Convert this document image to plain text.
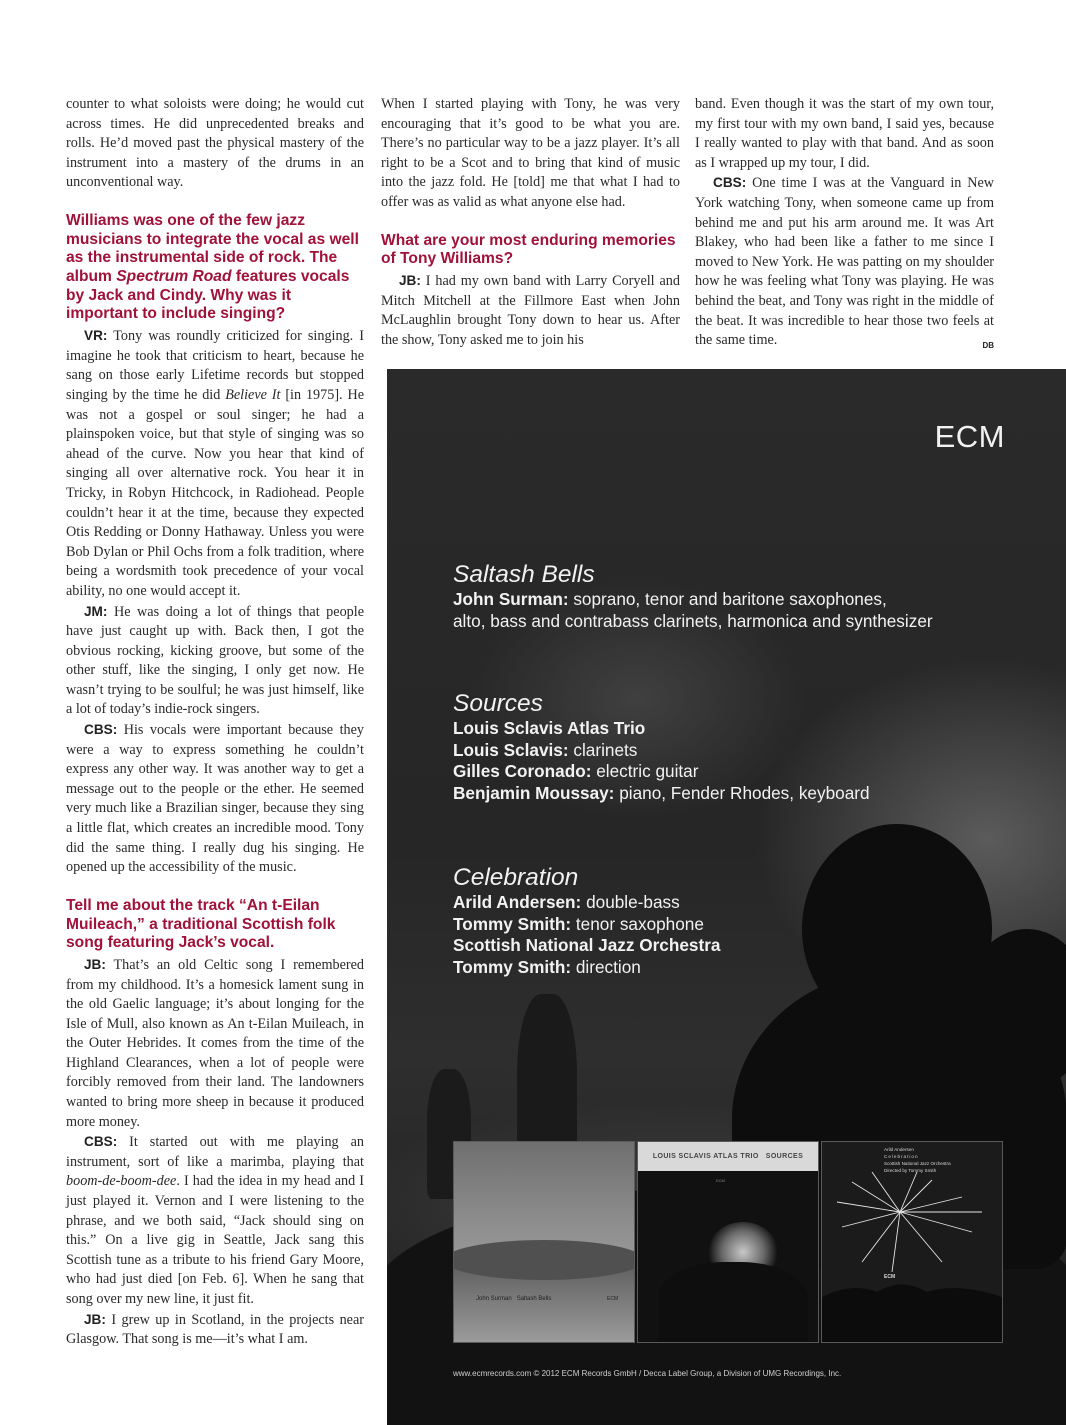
counter to what soloists were doing; he would cut across times. He did unprecedented breaks and rolls. He’d moved past the physical mastery of the instrument into a mastery of the drums in an unconventional way.

Williams was one of the few jazz musicians to integrate the vocal as well as the instrumental side of rock. The album Spectrum Road features vocals by Jack and Cindy. Why was it important to include singing?

VR: Tony was roundly criticized for singing. I imagine he took that criticism to heart, because he sang on those early Lifetime records but stopped singing by the time he did Believe It [in 1975]. He was not a gospel or soul singer; he had a plainspoken voice, but that style of singing was so ahead of the curve. Now you hear that kind of singing all over alternative rock. You hear it in Tricky, in Robyn Hitchcock, in Radiohead. People couldn’t hear it at the time, because they expected Otis Redding or Donny Hathaway. Unless you were Bob Dylan or Phil Ochs from a folk tradition, where being a wordsmith took precedence of your vocal ability, no one would accept it.

JM: He was doing a lot of things that people have just caught up with. Back then, I got the obvious rocking, kicking groove, but some of the other stuff, like the singing, I only get now. He wasn’t trying to be soulful; he was just himself, like a lot of today’s indie-rock singers.

CBS: His vocals were important because they were a way to express something he couldn’t express any other way. It was another way to get a message out to the people or the ether. He seemed very much like a Brazilian singer, because they sing a little flat, which creates an incredible mood. Tony did the same thing. I really dug his singing. He opened up the accessibility of the music.

Tell me about the track “An t-Eilan Muileach,” a traditional Scottish folk song featuring Jack’s vocal.

JB: That’s an old Celtic song I remembered from my childhood. It’s a homesick lament sung in the old Gaelic language; it’s about longing for the Isle of Mull, also known as An t-Eilan Muileach, in the Outer Hebrides. It comes from the time of the Highland Clearances, when a lot of people were forcibly removed from their land. The landowners wanted to bring more sheep in because it produced more money.

CBS: It started out with me playing an instrument, sort of like a marimba, playing that boom-de-boom-dee. I had the idea in my head and I just played it. Vernon and I were listening to the phrase, and we both said, “Jack should sing on this.” On a live gig in Seattle, Jack sang this Scottish tune as a tribute to his friend Gary Moore, who had just died [on Feb. 6]. When he sang that song over my new line, it just fit.

JB: I grew up in Scotland, in the projects near Glasgow. That song is me—it’s what I am.

When I started playing with Tony, he was very encouraging that it’s good to be what you are. There’s no particular way to be a jazz player. It’s all right to be a Scot and to bring that kind of music into the jazz fold. He [told] me that what I had to offer was as valid as what anyone else had.

What are your most enduring memories of Tony Williams?

JB: I had my own band with Larry Coryell and Mitch Mitchell at the Fillmore East when John McLaughlin brought Tony down to hear us. After the show, Tony asked me to join his

band. Even though it was the start of my own tour, my first tour with my own band, I said yes, because I really wanted to play with that band. And as soon as I wrapped up my tour, I did.

CBS: One time I was at the Vanguard in New York watching Tony, when someone came up from behind me and put his arm around me. It was Art Blakey, who had been like a father to me since I moved to New York. He was patting on my shoulder how he was feeling what Tony was playing. He was behind the beat, and Tony was right in the middle of the beat. It was incredible to hear those two feels at the same time.	DB

ECM
Saltash Bells
John Surman: soprano, tenor and baritone saxophones,
alto, bass and contrabass clarinets, harmonica and synthesizer
Sources
Louis Sclavis Atlas Trio
Louis Sclavis: clarinets
Gilles Coronado: electric guitar
Benjamin Moussay: piano, Fender Rhodes, keyboard
Celebration
Arild Andersen: double-bass
Tommy Smith: tenor saxophone
Scottish National Jazz Orchestra
Tommy Smith: direction
John Surman Saltash Bells	ECM
LOUIS SCLAVIS ATLAS TRIO   SOURCES
ECM
Arild Andersen
Celebration
Scottish National Jazz Orchestra
Directed by Tommy Smith
ECM
www.ecmrecords.com © 2012 ECM Records GmbH / Decca Label Group, a Division of UMG Recordings, Inc.
